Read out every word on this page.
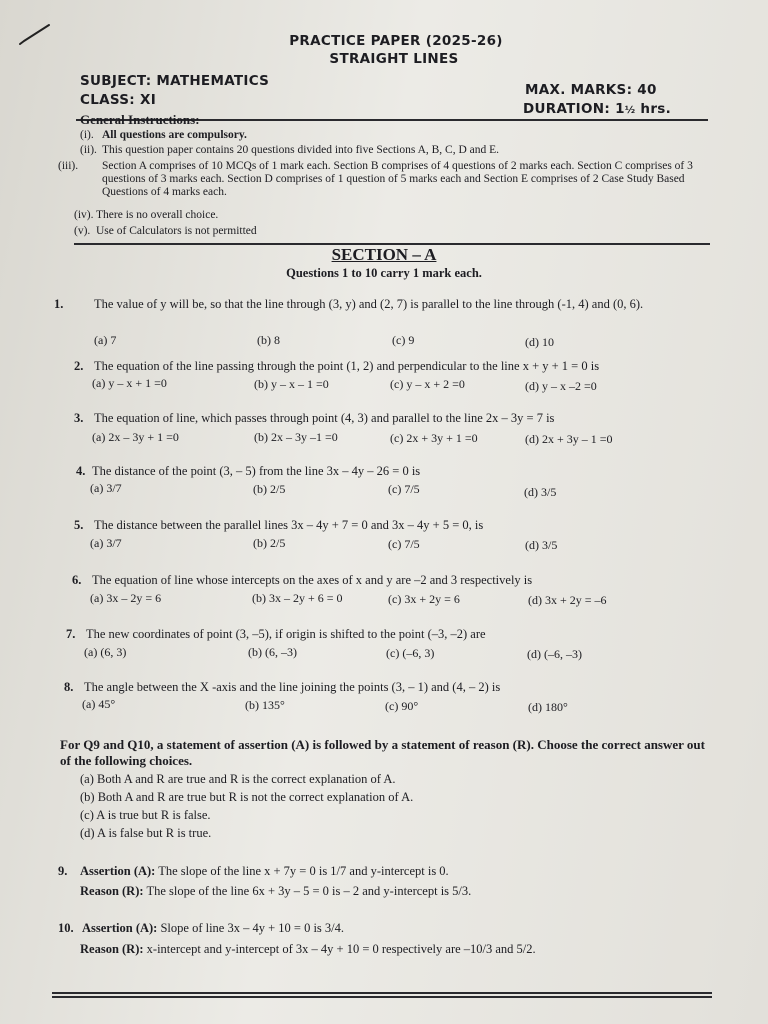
PRACTICE PAPER (2025-26)
STRAIGHT LINES
SUBJECT: MATHEMATICS
CLASS: XI
MAX. MARKS: 40
DURATION: 1½ hrs.
General Instructions:
(i). All questions are compulsory.
(ii). This question paper contains 20 questions divided into five Sections A, B, C, D and E.
(iii). Section A comprises of 10 MCQs of 1 mark each. Section B comprises of 4 questions of 2 marks each. Section C comprises of 3 questions of 3 marks each. Section D comprises of 1 question of 5 marks each and Section E comprises of 2 Case Study Based Questions of 4 marks each.
(iv). There is no overall choice.
(v). Use of Calculators is not permitted
SECTION – A
Questions 1 to 10 carry 1 mark each.
1. The value of y will be, so that the line through (3, y) and (2, 7) is parallel to the line through (-1, 4) and (0, 6).
(a) 7	(b) 8	(c) 9	(d) 10
2. The equation of the line passing through the point (1, 2) and perpendicular to the line x + y + 1 = 0 is
(a) y – x + 1 =0	(b) y – x – 1 =0	(c) y – x + 2 =0	(d) y – x –2 =0
3. The equation of line, which passes through point (4, 3) and parallel to the line 2x – 3y = 7 is
(a) 2x – 3y + 1 =0	(b) 2x – 3y –1 =0	(c) 2x + 3y + 1 =0	(d) 2x + 3y – 1 =0
4. The distance of the point (3, – 5) from the line 3x – 4y – 26 = 0 is
(a) 3/7	(b) 2/5	(c) 7/5	(d) 3/5
5. The distance between the parallel lines 3x – 4y + 7 = 0 and 3x – 4y + 5 = 0, is
(a) 3/7	(b) 2/5	(c) 7/5	(d) 3/5
6. The equation of line whose intercepts on the axes of x and y are –2 and 3 respectively is
(a) 3x – 2y = 6	(b) 3x – 2y + 6 = 0	(c) 3x + 2y = 6	(d) 3x + 2y = –6
7. The new coordinates of point (3, –5), if origin is shifted to the point (–3, –2) are
(a) (6, 3)	(b) (6, –3)	(c) (–6, 3)	(d) (–6, –3)
8. The angle between the X -axis and the line joining the points (3, – 1) and (4, – 2) is
(a) 45°	(b) 135°	(c) 90°	(d) 180°
For Q9 and Q10, a statement of assertion (A) is followed by a statement of reason (R). Choose the correct answer out of the following choices.
(a) Both A and R are true and R is the correct explanation of A.
(b) Both A and R are true but R is not the correct explanation of A.
(c) A is true but R is false.
(d) A is false but R is true.
9. Assertion (A): The slope of the line x + 7y = 0 is 1/7 and y-intercept is 0.
Reason (R): The slope of the line 6x + 3y – 5 = 0 is – 2 and y-intercept is 5/3.
10. Assertion (A): Slope of line 3x – 4y + 10 = 0 is 3/4.
Reason (R): x-intercept and y-intercept of 3x – 4y + 10 = 0 respectively are –10/3 and 5/2.
